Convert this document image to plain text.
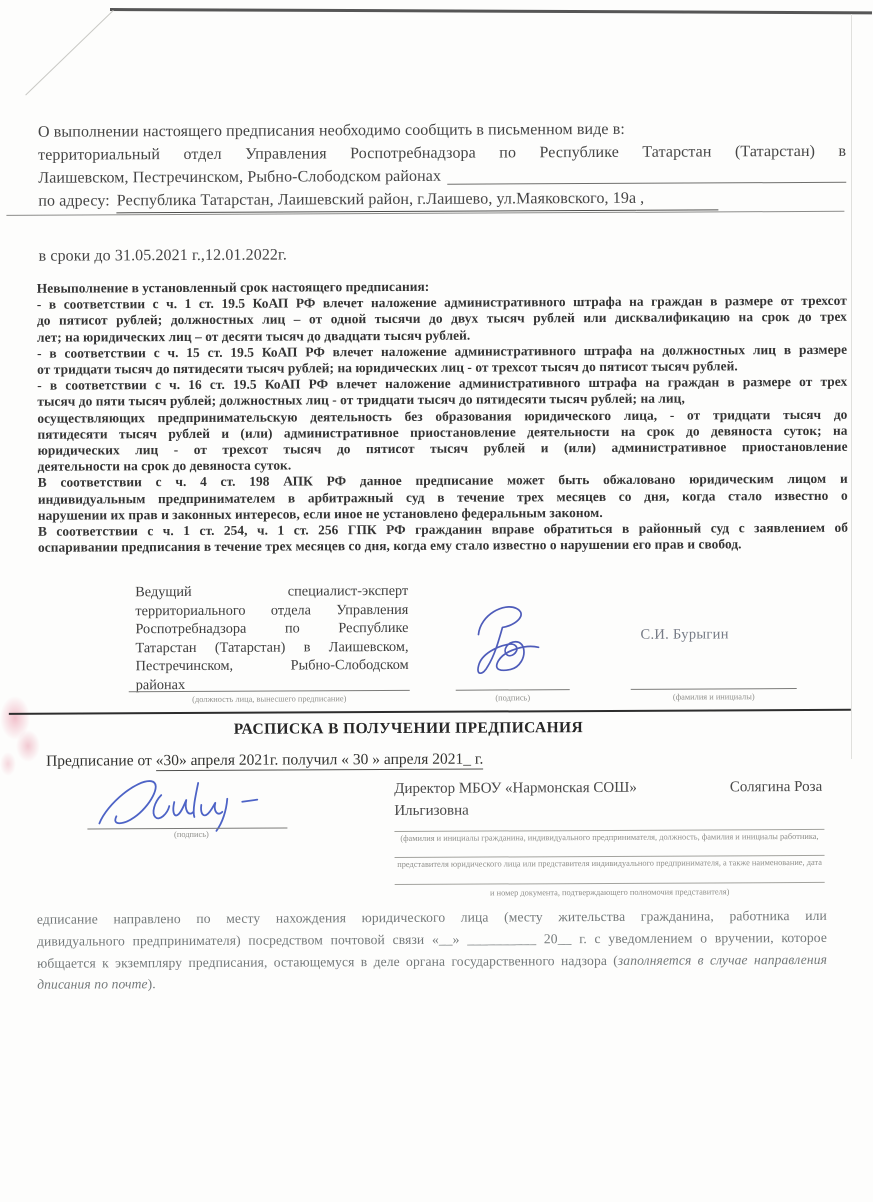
О выполнении настоящего предписания необходимо сообщить в письменном виде в:
территориальный отдел Управления Роспотребнадзора по Республике Татарстан (Татарстан) в
Лаишевском, Пестречинском, Рыбно-Слободском районах
по адресу: Республика Татарстан, Лаишевский район, г.Лаишево, ул.Маяковского, 19а ,
в сроки до 31.05.2021 г.,12.01.2022г.
Невыполнение в установленный срок настоящего предписания:
- в соответствии с ч. 1 ст. 19.5 КоАП РФ влечет наложение административного штрафа на граждан в размере от трехсот
до пятисот рублей; должностных лиц – от одной тысячи до двух тысяч рублей или дисквалификацию на срок до трех
лет; на юридических лиц – от десяти тысяч до двадцати тысяч рублей.
- в соответствии с ч. 15 ст. 19.5 КоАП РФ влечет наложение административного штрафа на должностных лиц в размере
от тридцати тысяч до пятидесяти тысяч рублей; на юридических лиц - от трехсот тысяч до пятисот тысяч рублей.
- в соответствии с ч. 16 ст. 19.5 КоАП РФ влечет наложение административного штрафа на граждан в размере от трех
тысяч до пяти тысяч рублей; должностных лиц - от тридцати тысяч до пятидесяти тысяч рублей; на лиц,
осуществляющих предпринимательскую деятельность без образования юридического лица, - от тридцати тысяч до
пятидесяти тысяч рублей и (или) административное приостановление деятельности на срок до девяноста суток; на
юридических лиц - от трехсот тысяч до пятисот тысяч рублей и (или) административное приостановление
деятельности на срок до девяноста суток.
В соответствии с ч. 4 ст. 198 АПК РФ данное предписание может быть обжаловано юридическим лицом и
индивидуальным предпринимателем в арбитражный суд в течение трех месяцев со дня, когда стало известно о
нарушении их прав и законных интересов, если иное не установлено федеральным законом.
В соответствии с ч. 1 ст. 254, ч. 1 ст. 256 ГПК РФ гражданин вправе обратиться в районный суд с заявлением об
оспаривании предписания в течение трех месяцев со дня, когда ему стало известно о нарушении его прав и свобод.
Ведущий специалист-эксперт
территориального отдела Управления
Роспотребнадзора по Республике
Татарстан (Татарстан) в Лаишевском,
Пестречинском, Рыбно-Слободском
районах
С.И. Бурыгин
(должность лица, вынесшего предписание)	(подпись)	(фамилия и инициалы)
РАСПИСКА В ПОЛУЧЕНИИ ПРЕДПИСАНИЯ
Предписание от «30» апреля 2021г. получил « 30 » апреля 2021_ г.
(подпись)
Директор МБОУ «Нармонская СОШ»	Солягина Роза
Ильгизовна
(фамилия и инициалы гражданина, индивидуального предпринимателя, должность, фамилия и инициалы работника,
представителя юридического лица или представителя индивидуального предпринимателя, а также наименование, дата
и номер документа, подтверждающего полномочия представителя)
едписание направлено по месту нахождения юридического лица (месту жительства гражданина, работника или
дивидуального предпринимателя) посредством почтовой связи «__» __________ 20__ г. с уведомлением о вручении, которое
юбщается к экземпляру предписания, остающемуся в деле органа государственного надзора (заполняется в случае направления
дписания по почте).
